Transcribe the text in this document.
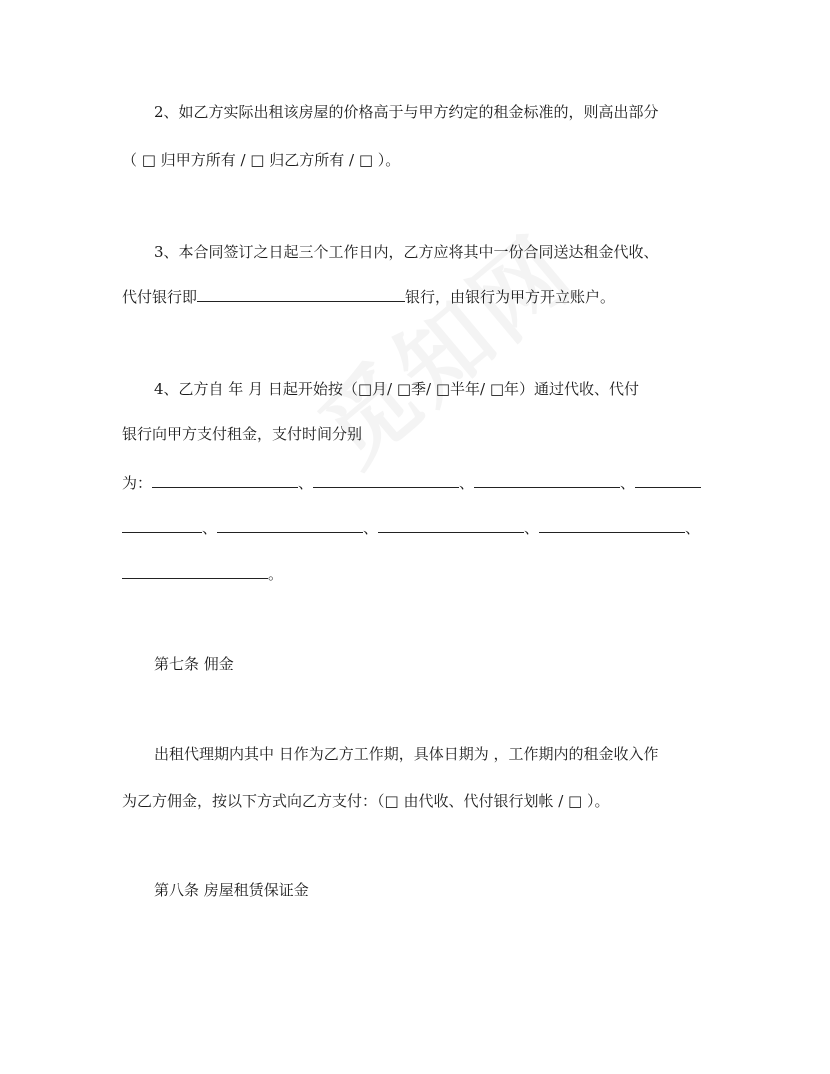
2、如乙方实际出租该房屋的价格高于与甲方约定的租金标准的，则高出部分
（ □ 归甲方所有 / □ 归乙方所有 / □ ）。
3、本合同签订之日起三个工作日内，乙方应将其中一份合同送达租金代收、
代付银行即	银行，由银行为甲方开立账户。
4、乙方自 年 月 日起开始按（□月/ □季/ □半年/ □年）通过代收、代付
银行向甲方支付租金，支付时间分别
为：	、	、	、
、	、	、	、
。
第七条 佣金
出租代理期内其中 日作为乙方工作期，具体日期为 ，工作期内的租金收入作
为乙方佣金，按以下方式向乙方支付：（□ 由代收、代付银行划帐 / □ ）。
第八条 房屋租赁保证金
